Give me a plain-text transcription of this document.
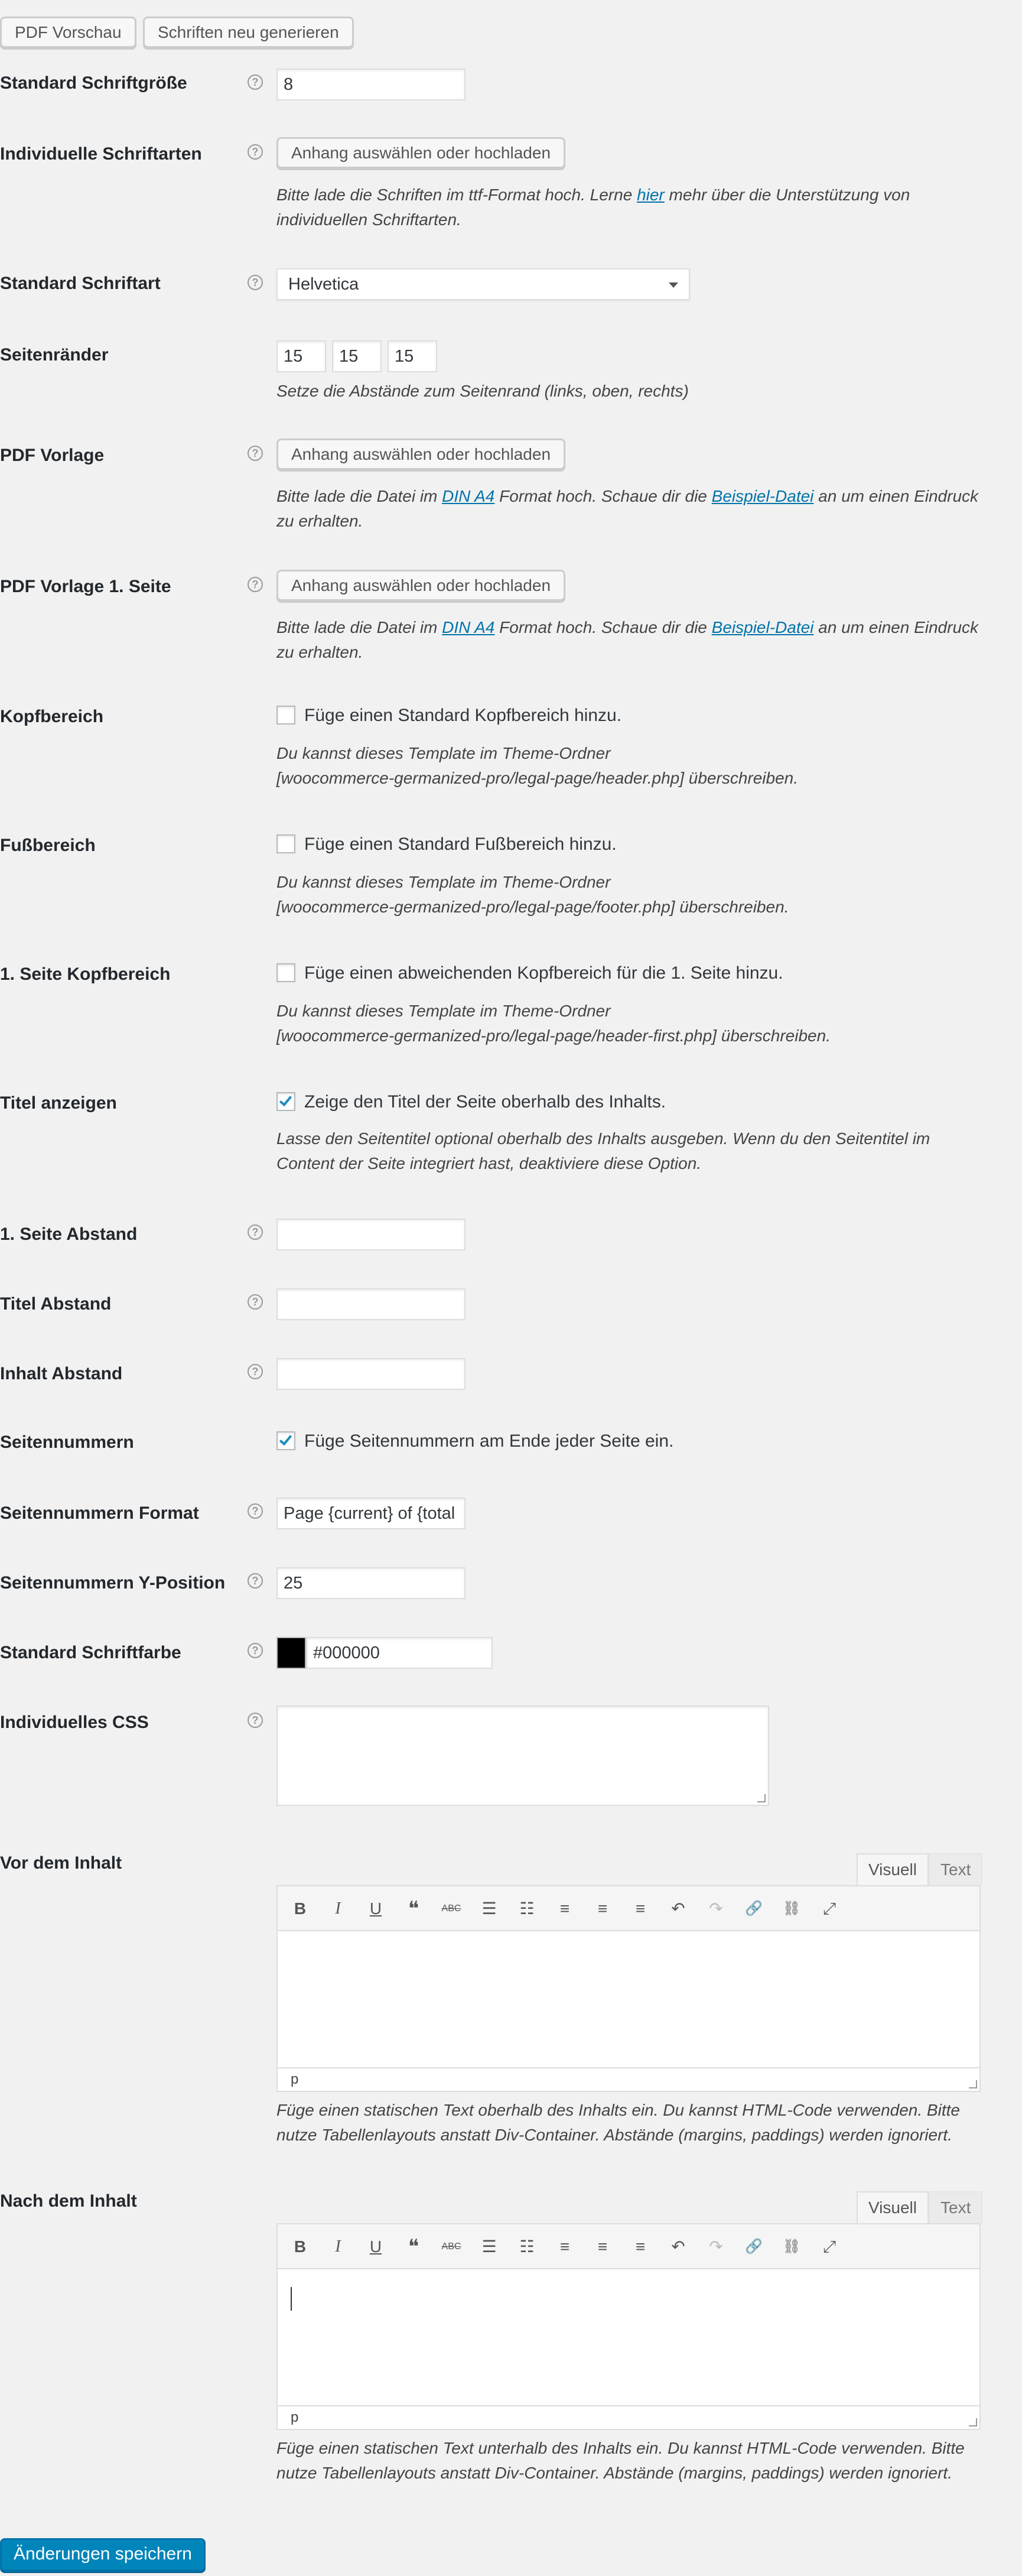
PDF Vorschau	Schriften neu generieren
Standard Schriftgröße	?	8
Individuelle Schriftarten	?	Anhang auswählen oder hochladen
Bitte lade die Schriften im ttf-Format hoch. Lerne hier mehr über die Unterstützung von individuellen Schriftarten.
Standard Schriftart	?	Helvetica
Seitenränder	15	15	15
Setze die Abstände zum Seitenrand (links, oben, rechts)
PDF Vorlage	?	Anhang auswählen oder hochladen
Bitte lade die Datei im DIN A4 Format hoch. Schaue dir die Beispiel-Datei an um einen Eindruck zu erhalten.
PDF Vorlage 1. Seite	?	Anhang auswählen oder hochladen
Bitte lade die Datei im DIN A4 Format hoch. Schaue dir die Beispiel-Datei an um einen Eindruck zu erhalten.
Kopfbereich	Füge einen Standard Kopfbereich hinzu.
Du kannst dieses Template im Theme-Ordner
[woocommerce-germanized-pro/legal-page/header.php] überschreiben.
Fußbereich	Füge einen Standard Fußbereich hinzu.
Du kannst dieses Template im Theme-Ordner
[woocommerce-germanized-pro/legal-page/footer.php] überschreiben.
1. Seite Kopfbereich	Füge einen abweichenden Kopfbereich für die 1. Seite hinzu.
Du kannst dieses Template im Theme-Ordner
[woocommerce-germanized-pro/legal-page/header-first.php] überschreiben.
Titel anzeigen	Zeige den Titel der Seite oberhalb des Inhalts.
Lasse den Seitentitel optional oberhalb des Inhalts ausgeben. Wenn du den Seitentitel im Content der Seite integriert hast, deaktiviere diese Option.
1. Seite Abstand	?
Titel Abstand	?
Inhalt Abstand	?
Seitennummern	Füge Seitennummern am Ende jeder Seite ein.
Seitennummern Format	?	Page {current} of {total
Seitennummern Y-Position	?	25
Standard Schriftfarbe	?	#000000
Individuelles CSS	?
Vor dem Inhalt	Visuell	Text
B	I	U	❝	ABC ☰ ☷	≡	≡	≡	↶ ↷	🔗 ⛓	⤢
p
Füge einen statischen Text oberhalb des Inhalts ein. Du kannst HTML-Code verwenden. Bitte nutze Tabellenlayouts anstatt Div-Container. Abstände (margins, paddings) werden ignoriert.
Nach dem Inhalt	Visuell	Text
B	I	U	❝	ABC ☰ ☷	≡	≡	≡	↶ ↷	🔗 ⛓	⤢
p
Füge einen statischen Text unterhalb des Inhalts ein. Du kannst HTML-Code verwenden. Bitte nutze Tabellenlayouts anstatt Div-Container. Abstände (margins, paddings) werden ignoriert.
Änderungen speichern
